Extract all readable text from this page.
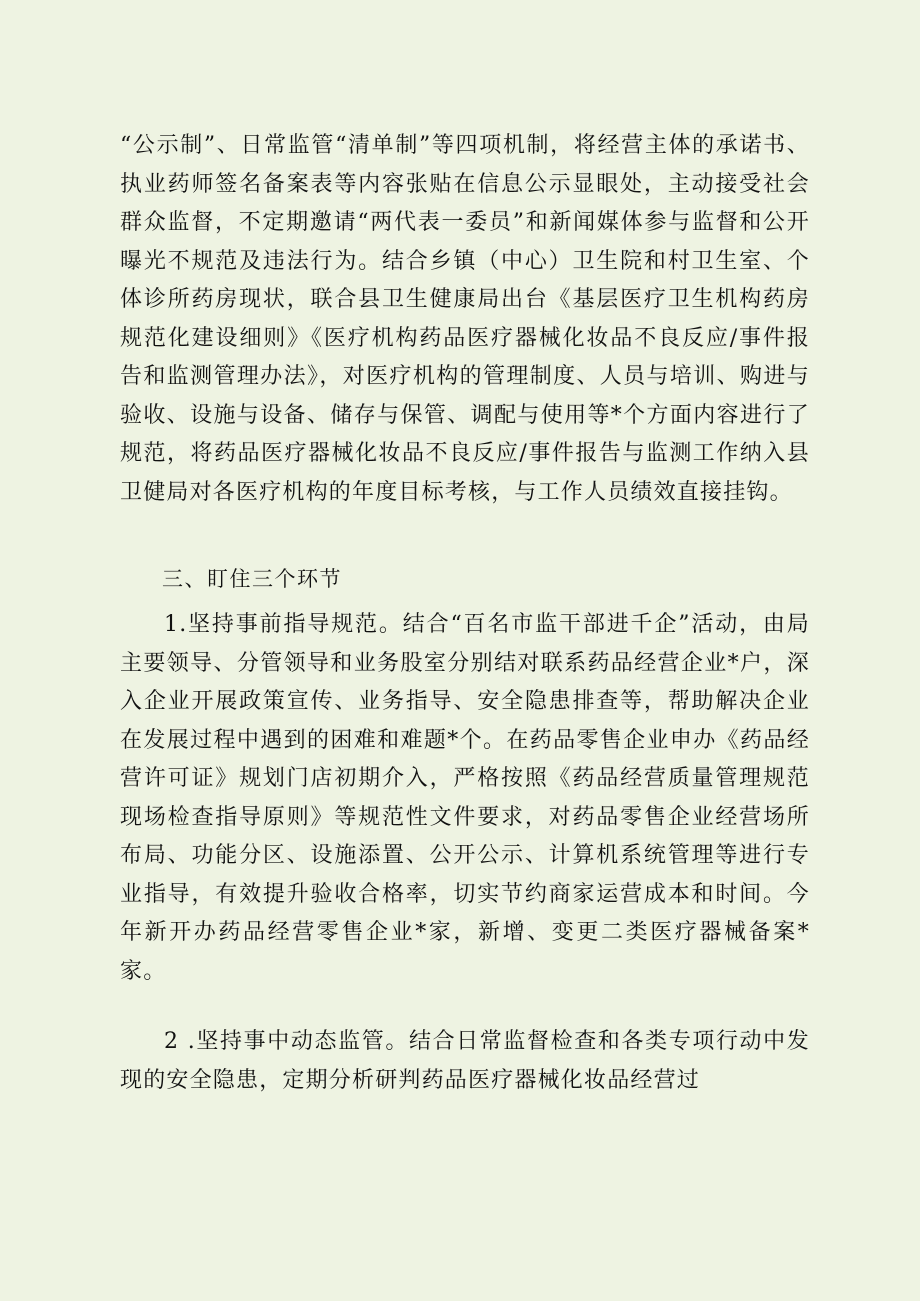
“公示制”、日常监管“清单制”等四项机制，将经营主体的承诺书、执业药师签名备案表等内容张贴在信息公示显眼处，主动接受社会群众监督，不定期邀请“两代表一委员”和新闻媒体参与监督和公开曝光不规范及违法行为。结合乡镇（中心）卫生院和村卫生室、个体诊所药房现状，联合县卫生健康局出台《基层医疗卫生机构药房规范化建设细则》《医疗机构药品医疗器械化妆品不良反应/事件报告和监测管理办法》，对医疗机构的管理制度、人员与培训、购进与验收、设施与设备、储存与保管、调配与使用等*个方面内容进行了规范，将药品医疗器械化妆品不良反应/事件报告与监测工作纳入县卫健局对各医疗机构的年度目标考核，与工作人员绩效直接挂钩。

三、盯住三个环节

1.坚持事前指导规范。结合“百名市监干部进千企”活动，由局主要领导、分管领导和业务股室分别结对联系药品经营企业*户，深入企业开展政策宣传、业务指导、安全隐患排查等，帮助解决企业在发展过程中遇到的困难和难题*个。在药品零售企业申办《药品经营许可证》规划门店初期介入，严格按照《药品经营质量管理规范现场检查指导原则》等规范性文件要求，对药品零售企业经营场所布局、功能分区、设施添置、公开公示、计算机系统管理等进行专业指导，有效提升验收合格率，切实节约商家运营成本和时间。今年新开办药品经营零售企业*家，新增、变更二类医疗器械备案*家。

2 .坚持事中动态监管。结合日常监督检查和各类专项行动中发现的安全隐患，定期分析研判药品医疗器械化妆品经营过
